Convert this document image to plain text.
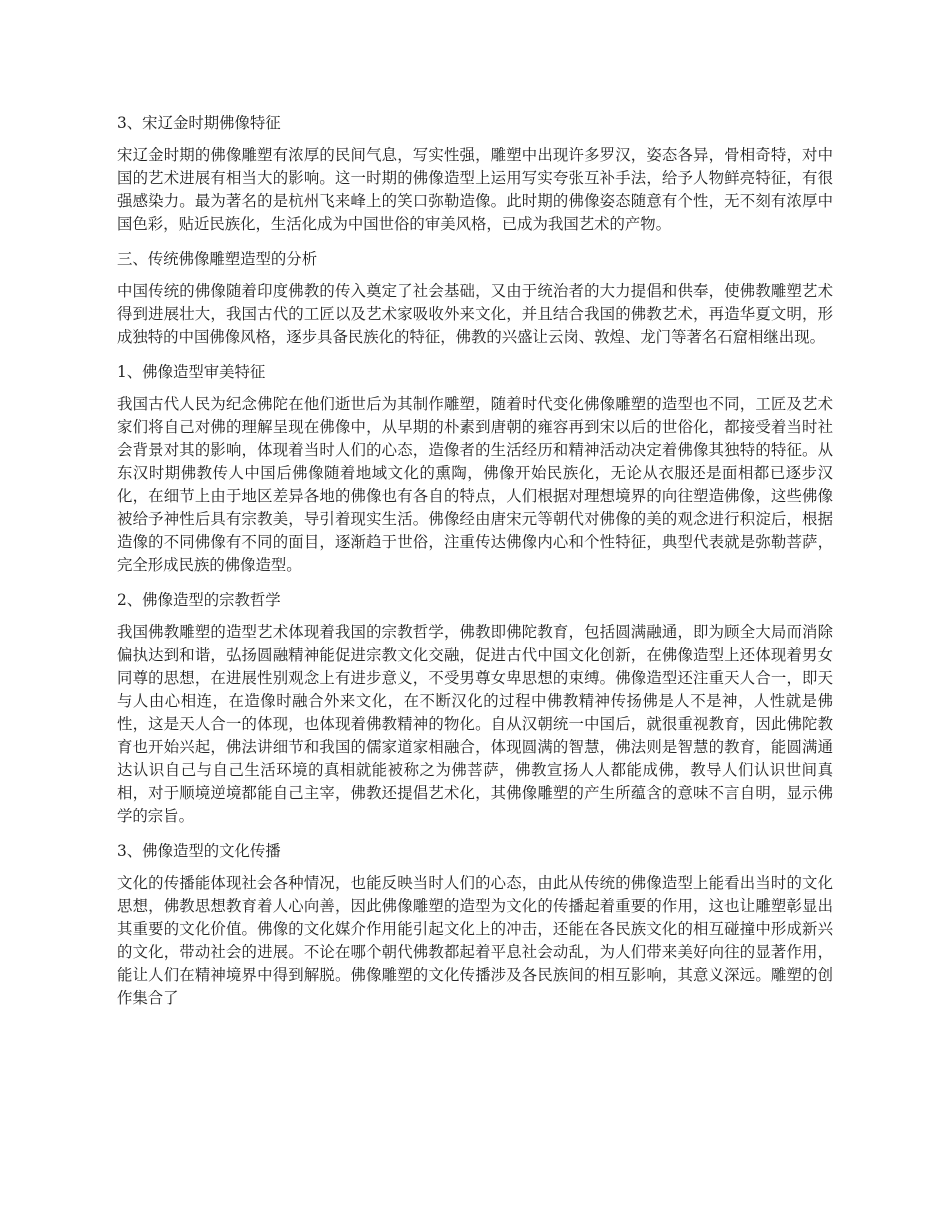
3、宋辽金时期佛像特征

宋辽金时期的佛像雕塑有浓厚的民间气息，写实性强，雕塑中出现许多罗汉，姿态各异，骨相奇特，对中国的艺术进展有相当大的影响。这一时期的佛像造型上运用写实夸张互补手法，给予人物鲜亮特征，有很强感染力。最为著名的是杭州飞来峰上的笑口弥勒造像。此时期的佛像姿态随意有个性，无不刻有浓厚中国色彩，贴近民族化，生活化成为中国世俗的审美风格，已成为我国艺术的产物。

三、传统佛像雕塑造型的分析

中国传统的佛像随着印度佛教的传入奠定了社会基础，又由于统治者的大力提倡和供奉，使佛教雕塑艺术得到进展壮大，我国古代的工匠以及艺术家吸收外来文化，并且结合我国的佛教艺术，再造华夏文明，形成独特的中国佛像风格，逐步具备民族化的特征，佛教的兴盛让云岗、敦煌、龙门等著名石窟相继出现。

1、佛像造型审美特征

我国古代人民为纪念佛陀在他们逝世后为其制作雕塑，随着时代变化佛像雕塑的造型也不同，工匠及艺术家们将自己对佛的理解呈现在佛像中，从早期的朴素到唐朝的雍容再到宋以后的世俗化，都接受着当时社会背景对其的影响，体现着当时人们的心态，造像者的生活经历和精神活动决定着佛像其独特的特征。从东汉时期佛教传人中国后佛像随着地域文化的熏陶，佛像开始民族化，无论从衣服还是面相都已逐步汉化，在细节上由于地区差异各地的佛像也有各自的特点，人们根据对理想境界的向往塑造佛像，这些佛像被给予神性后具有宗教美，导引着现实生活。佛像经由唐宋元等朝代对佛像的美的观念进行积淀后，根据造像的不同佛像有不同的面目，逐渐趋于世俗，注重传达佛像内心和个性特征，典型代表就是弥勒菩萨，完全形成民族的佛像造型。

2、佛像造型的宗教哲学

我国佛教雕塑的造型艺术体现着我国的宗教哲学，佛教即佛陀教育，包括圆满融通，即为顾全大局而消除偏执达到和谐，弘扬圆融精神能促进宗教文化交融，促进古代中国文化创新，在佛像造型上还体现着男女同尊的思想，在进展性别观念上有进步意义，不受男尊女卑思想的束缚。佛像造型还注重天人合一，即天与人由心相连，在造像时融合外来文化，在不断汉化的过程中佛教精神传扬佛是人不是神，人性就是佛性，这是天人合一的体现，也体现着佛教精神的物化。自从汉朝统一中国后，就很重视教育，因此佛陀教育也开始兴起，佛法讲细节和我国的儒家道家相融合，体现圆满的智慧，佛法则是智慧的教育，能圆满通达认识自己与自己生活环境的真相就能被称之为佛菩萨，佛教宣扬人人都能成佛，教导人们认识世间真相，对于顺境逆境都能自己主宰，佛教还提倡艺术化，其佛像雕塑的产生所蕴含的意味不言自明，显示佛学的宗旨。

3、佛像造型的文化传播

文化的传播能体现社会各种情况，也能反映当时人们的心态，由此从传统的佛像造型上能看出当时的文化思想，佛教思想教育着人心向善，因此佛像雕塑的造型为文化的传播起着重要的作用，这也让雕塑彰显出其重要的文化价值。佛像的文化媒介作用能引起文化上的冲击，还能在各民族文化的相互碰撞中形成新兴的文化，带动社会的进展。不论在哪个朝代佛教都起着平息社会动乱，为人们带来美好向往的显著作用，能让人们在精神境界中得到解脱。佛像雕塑的文化传播涉及各民族间的相互影响，其意义深远。雕塑的创作集合了
